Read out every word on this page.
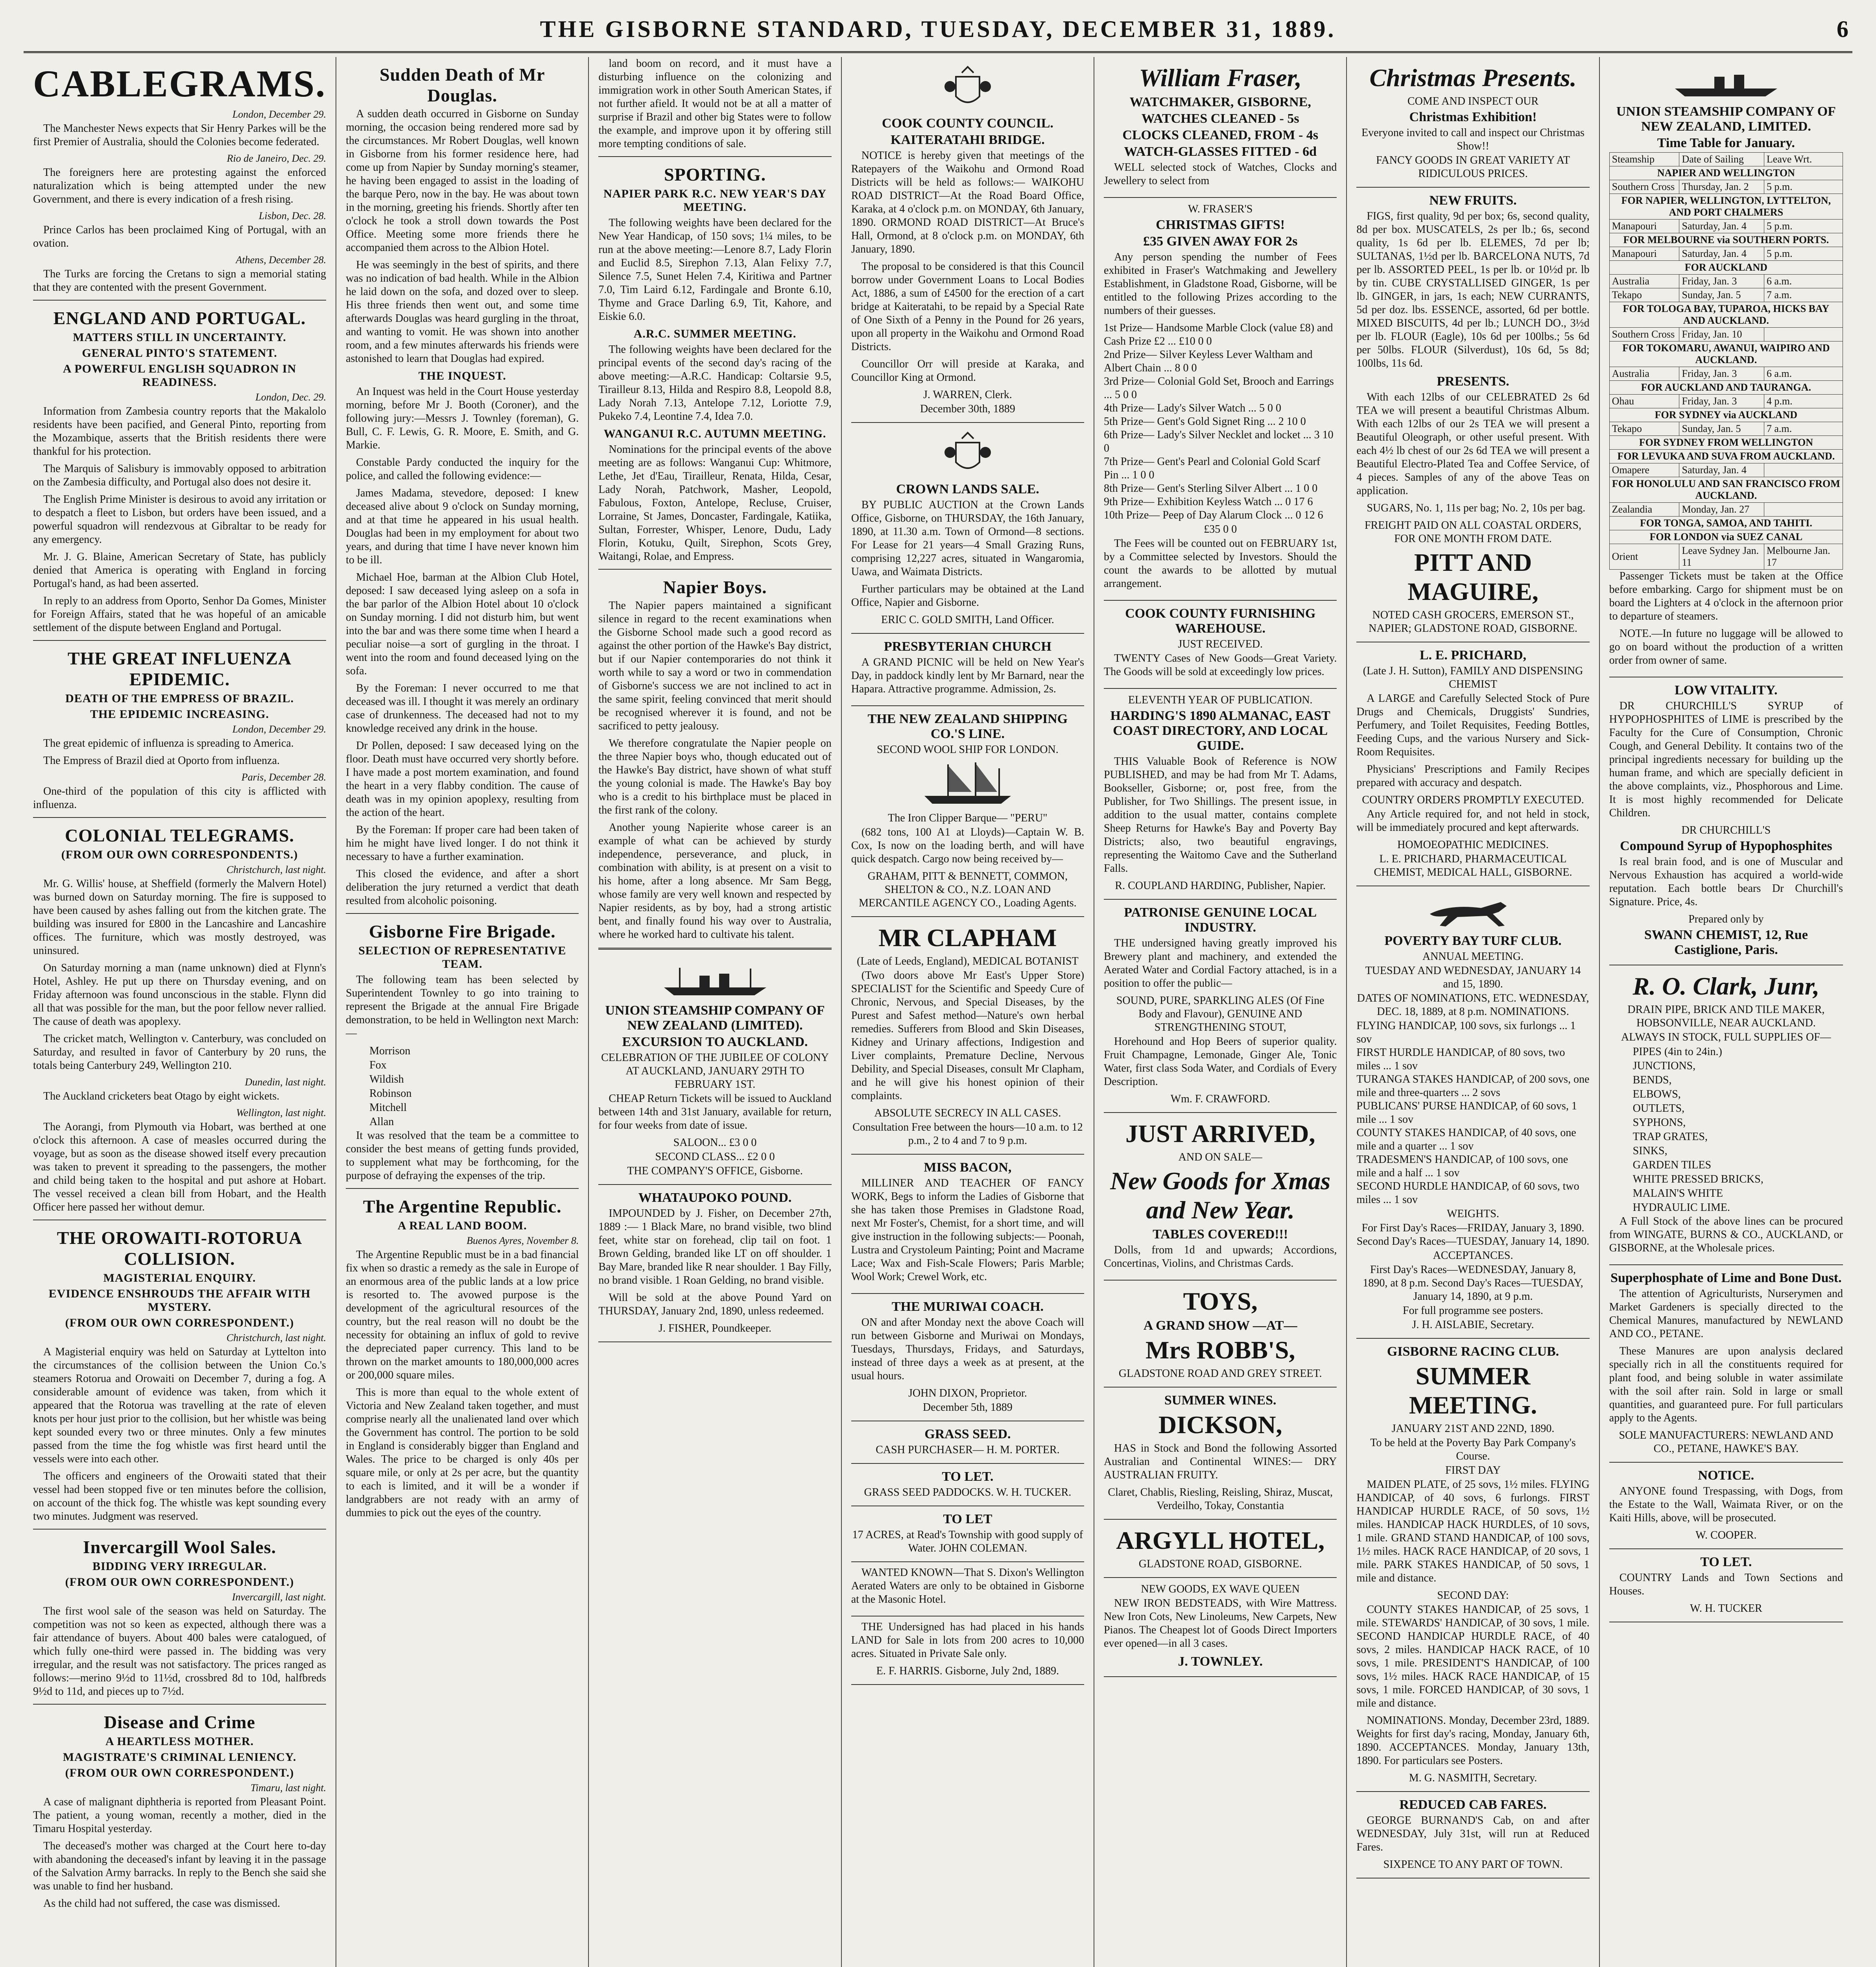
THE GISBORNE STANDARD, TUESDAY, DECEMBER 31, 1889.	6
CABLEGRAMS.
London, December 29.

The Manchester News expects that Sir Henry Parkes will be the first Premier of Australia, should the Colonies become federated.

Rio de Janeiro, Dec. 29.

The foreigners here are protesting against the enforced naturalization which is being attempted under the new Government, and there is every indication of a fresh rising.

Lisbon, Dec. 28.

Prince Carlos has been proclaimed King of Portugal, with an ovation.

Athens, December 28.

The Turks are forcing the Cretans to sign a memorial stating that they are contented with the present Government.

ENGLAND AND PORTUGAL.
MATTERS STILL IN UNCERTAINTY.
GENERAL PINTO'S STATEMENT.
A POWERFUL ENGLISH SQUADRON IN READINESS.
London, Dec. 29.

Information from Zambesia country reports that the Makalolo residents have been pacified, and General Pinto, reporting from the Mozambique, asserts that the British residents there were thankful for his protection.

The Marquis of Salisbury is immovably opposed to arbitration on the Zambesia difficulty, and Portugal also does not desire it.

The English Prime Minister is desirous to avoid any irritation or to despatch a fleet to Lisbon, but orders have been issued, and a powerful squadron will rendezvous at Gibraltar to be ready for any emergency.

Mr. J. G. Blaine, American Secretary of State, has publicly denied that America is operating with England in forcing Portugal's hand, as had been asserted.

In reply to an address from Oporto, Senhor Da Gomes, Minister for Foreign Affairs, stated that he was hopeful of an amicable settlement of the dispute between England and Portugal.

THE GREAT INFLUENZA EPIDEMIC.
DEATH OF THE EMPRESS OF BRAZIL.
THE EPIDEMIC INCREASING.
London, December 29.

The great epidemic of influenza is spreading to America.

The Empress of Brazil died at Oporto from influenza.

Paris, December 28.

One-third of the population of this city is afflicted with influenza.

COLONIAL TELEGRAMS.
(FROM OUR OWN CORRESPONDENTS.)
Christchurch, last night.

Mr. G. Willis' house, at Sheffield (formerly the Malvern Hotel) was burned down on Saturday morning. The fire is supposed to have been caused by ashes falling out from the kitchen grate. The building was insured for £800 in the Lancashire and Lancashire offices. The furniture, which was mostly destroyed, was uninsured.

On Saturday morning a man (name unknown) died at Flynn's Hotel, Ashley. He put up there on Thursday evening, and on Friday afternoon was found unconscious in the stable. Flynn did all that was possible for the man, but the poor fellow never rallied. The cause of death was apoplexy.

The cricket match, Wellington v. Canterbury, was concluded on Saturday, and resulted in favor of Canterbury by 20 runs, the totals being Canterbury 249, Wellington 210.

Dunedin, last night.

The Auckland cricketers beat Otago by eight wickets.

Wellington, last night.

The Aorangi, from Plymouth via Hobart, was berthed at one o'clock this afternoon. A case of measles occurred during the voyage, but as soon as the disease showed itself every precaution was taken to prevent it spreading to the passengers, the mother and child being taken to the hospital and put ashore at Hobart. The vessel received a clean bill from Hobart, and the Health Officer here passed her without demur.

THE OROWAITI-ROTORUA COLLISION.
MAGISTERIAL ENQUIRY.
EVIDENCE ENSHROUDS THE AFFAIR WITH MYSTERY.
(FROM OUR OWN CORRESPONDENT.)
Christchurch, last night.

A Magisterial enquiry was held on Saturday at Lyttelton into the circumstances of the collision between the Union Co.'s steamers Rotorua and Orowaiti on December 7, during a fog. A considerable amount of evidence was taken, from which it appeared that the Rotorua was travelling at the rate of eleven knots per hour just prior to the collision, but her whistle was being kept sounded every two or three minutes. Only a few minutes passed from the time the fog whistle was first heard until the vessels were into each other.

The officers and engineers of the Orowaiti stated that their vessel had been stopped five or ten minutes before the collision, on account of the thick fog. The whistle was kept sounding every two minutes. Judgment was reserved.

Invercargill Wool Sales.
BIDDING VERY IRREGULAR.
(FROM OUR OWN CORRESPONDENT.)
Invercargill, last night.

The first wool sale of the season was held on Saturday. The competition was not so keen as expected, although there was a fair attendance of buyers. About 400 bales were catalogued, of which fully one-third were passed in. The bidding was very irregular, and the result was not satisfactory. The prices ranged as follows:—merino 9½d to 11½d, crossbred 8d to 10d, halfbreds 9½d to 11d, and pieces up to 7½d.

Disease and Crime
A HEARTLESS MOTHER.
MAGISTRATE'S CRIMINAL LENIENCY.
(FROM OUR OWN CORRESPONDENT.)
Timaru, last night.

A case of malignant diphtheria is reported from Pleasant Point. The patient, a young woman, recently a mother, died in the Timaru Hospital yesterday.

The deceased's mother was charged at the Court here to-day with abandoning the deceased's infant by leaving it in the passage of the Salvation Army barracks. In reply to the Bench she said she was unable to find her husband.

As the child had not suffered, the case was dismissed.

Sudden Death of Mr Douglas.

A sudden death occurred in Gisborne on Sunday morning, the occasion being rendered more sad by the circumstances. Mr Robert Douglas, well known in Gisborne from his former residence here, had come up from Napier by Sunday morning's steamer, he having been engaged to assist in the loading of the barque Pero, now in the bay. He was about town in the morning, greeting his friends. Shortly after ten o'clock he took a stroll down towards the Post Office. Meeting some more friends there he accompanied them across to the Albion Hotel.

He was seemingly in the best of spirits, and there was no indication of bad health. While in the Albion he laid down on the sofa, and dozed over to sleep. His three friends then went out, and some time afterwards Douglas was heard gurgling in the throat, and wanting to vomit. He was shown into another room, and a few minutes afterwards his friends were astonished to learn that Douglas had expired.

THE INQUEST.

An Inquest was held in the Court House yesterday morning, before Mr J. Booth (Coroner), and the following jury:—Messrs J. Townley (foreman), G. Bull, C. F. Lewis, G. R. Moore, E. Smith, and G. Markie.

Constable Pardy conducted the inquiry for the police, and called the following evidence:—

James Madama, stevedore, deposed: I knew deceased alive about 9 o'clock on Sunday morning, and at that time he appeared in his usual health. Douglas had been in my employment for about two years, and during that time I have never known him to be ill.

Michael Hoe, barman at the Albion Club Hotel, deposed: I saw deceased lying asleep on a sofa in the bar parlor of the Albion Hotel about 10 o'clock on Sunday morning. I did not disturb him, but went into the bar and was there some time when I heard a peculiar noise—a sort of gurgling in the throat. I went into the room and found deceased lying on the sofa.

By the Foreman: I never occurred to me that deceased was ill. I thought it was merely an ordinary case of drunkenness. The deceased had not to my knowledge received any drink in the house.

Dr Pollen, deposed: I saw deceased lying on the floor. Death must have occurred very shortly before. I have made a post mortem examination, and found the heart in a very flabby condition. The cause of death was in my opinion apoplexy, resulting from the action of the heart.

By the Foreman: If proper care had been taken of him he might have lived longer. I do not think it necessary to have a further examination.

This closed the evidence, and after a short deliberation the jury returned a verdict that death resulted from alcoholic poisoning.

Gisborne Fire Brigade.
SELECTION OF REPRESENTATIVE TEAM.

The following team has been selected by Superintendent Townley to go into training to represent the Brigade at the annual Fire Brigade demonstration, to be held in Wellington next March:—

Morrison
Fox
Wildish
Robinson
Mitchell
Allan

It was resolved that the team be a committee to consider the best means of getting funds provided, to supplement what may be forthcoming, for the purpose of defraying the expenses of the trip.

The Argentine Republic.
A REAL LAND BOOM.
Buenos Ayres, November 8.

The Argentine Republic must be in a bad financial fix when so drastic a remedy as the sale in Europe of an enormous area of the public lands at a low price is resorted to. The avowed purpose is the development of the agricultural resources of the country, but the real reason will no doubt be the necessity for obtaining an influx of gold to revive the depreciated paper currency. This land to be thrown on the market amounts to 180,000,000 acres or 200,000 square miles.

This is more than equal to the whole extent of Victoria and New Zealand taken together, and must comprise nearly all the unalienated land over which the Government has control. The portion to be sold in England is considerably bigger than England and Wales. The price to be charged is only 40s per square mile, or only at 2s per acre, but the quantity to each is limited, and it will be a wonder if landgrabbers are not ready with an army of dummies to pick out the eyes of the country.

land boom on record, and it must have a disturbing influence on the colonizing and immigration work in other South American States, if not further afield. It would not be at all a matter of surprise if Brazil and other big States were to follow the example, and improve upon it by offering still more tempting conditions of sale.

SPORTING.
NAPIER PARK R.C. NEW YEAR'S DAY MEETING.

The following weights have been declared for the New Year Handicap, of 150 sovs; 1¼ miles, to be run at the above meeting:—Lenore 8.7, Lady Florin and Euclid 8.5, Sirephon 7.13, Alan Felixy 7.7, Silence 7.5, Sunet Helen 7.4, Kiritiwa and Partner 7.0, Tim Laird 6.12, Fardingale and Bronte 6.10, Thyme and Grace Darling 6.9, Tit, Kahore, and Eiskie 6.0.

A.R.C. SUMMER MEETING.

The following weights have been declared for the principal events of the second day's racing of the above meeting:—A.R.C. Handicap: Coltarsie 9.5, Tirailleur 8.13, Hilda and Respiro 8.8, Leopold 8.8, Lady Norah 7.13, Antelope 7.12, Loriotte 7.9, Pukeko 7.4, Leontine 7.4, Idea 7.0.

WANGANUI R.C. AUTUMN MEETING.

Nominations for the principal events of the above meeting are as follows: Wanganui Cup: Whitmore, Lethe, Jet d'Eau, Tirailleur, Renata, Hilda, Cesar, Lady Norah, Patchwork, Masher, Leopold, Fabulous, Foxton, Antelope, Recluse, Cruiser, Lorraine, St James, Doncaster, Fardingale, Katiika, Sultan, Forrester, Whisper, Lenore, Dudu, Lady Florin, Kotuku, Quilt, Sirephon, Scots Grey, Waitangi, Rolae, and Empress.

Napier Boys.

The Napier papers maintained a significant silence in regard to the recent examinations when the Gisborne School made such a good record as against the other portion of the Hawke's Bay district, but if our Napier contemporaries do not think it worth while to say a word or two in commendation of Gisborne's success we are not inclined to act in the same spirit, feeling convinced that merit should be recognised wherever it is found, and not be sacrificed to petty jealousy.

We therefore congratulate the Napier people on the three Napier boys who, though educated out of the Hawke's Bay district, have shown of what stuff the young colonial is made. The Hawke's Bay boy who is a credit to his birthplace must be placed in the first rank of the colony.

Another young Napierite whose career is an example of what can be achieved by sturdy independence, perseverance, and pluck, in combination with ability, is at present on a visit to his home, after a long absence. Mr Sam Begg, whose family are very well known and respected by Napier residents, as by boy, had a strong artistic bent, and finally found his way over to Australia, where he worked hard to cultivate his talent.

UNION STEAMSHIP COMPANY OF NEW ZEALAND (LIMITED).
EXCURSION TO AUCKLAND.
CELEBRATION OF THE JUBILEE OF COLONY AT AUCKLAND, JANUARY 29TH TO FEBRUARY 1ST.

CHEAP Return Tickets will be issued to Auckland between 14th and 31st January, available for return, for four weeks from date of issue.

SALOON... £3 0 0
SECOND CLASS... £2 0 0
THE COMPANY'S OFFICE, Gisborne.
WHATAUPOKO POUND.

IMPOUNDED by J. Fisher, on December 27th, 1889 :— 1 Black Mare, no brand visible, two blind feet, white star on forehead, clip tail on foot. 1 Brown Gelding, branded like LT on off shoulder. 1 Bay Mare, branded like R near shoulder. 1 Bay Filly, no brand visible. 1 Roan Gelding, no brand visible.

Will be sold at the above Pound Yard on THURSDAY, January 2nd, 1890, unless redeemed.

J. FISHER, Poundkeeper.
COOK COUNTY COUNCIL.
KAITERATAHI BRIDGE.

NOTICE is hereby given that meetings of the Ratepayers of the Waikohu and Ormond Road Districts will be held as follows:— WAIKOHU ROAD DISTRICT—At the Road Board Office, Karaka, at 4 o'clock p.m. on MONDAY, 6th January, 1890. ORMOND ROAD DISTRICT—At Bruce's Hall, Ormond, at 8 o'clock p.m. on MONDAY, 6th January, 1890.

The proposal to be considered is that this Council borrow under Government Loans to Local Bodies Act, 1886, a sum of £4500 for the erection of a cart bridge at Kaiteratahi, to be repaid by a Special Rate of One Sixth of a Penny in the Pound for 26 years, upon all property in the Waikohu and Ormond Road Districts.

Councillor Orr will preside at Karaka, and Councillor King at Ormond.

J. WARREN, Clerk.
December 30th, 1889
CROWN LANDS SALE.

BY PUBLIC AUCTION at the Crown Lands Office, Gisborne, on THURSDAY, the 16th January, 1890, at 11.30 a.m. Town of Ormond—8 sections. For Lease for 21 years—4 Small Grazing Runs, comprising 12,227 acres, situated in Wangaromia, Uawa, and Waimata Districts.

Further particulars may be obtained at the Land Office, Napier and Gisborne.

ERIC C. GOLD SMITH, Land Officer.
PRESBYTERIAN CHURCH

A GRAND PICNIC will be held on New Year's Day, in paddock kindly lent by Mr Barnard, near the Hapara. Attractive programme. Admission, 2s.

THE NEW ZEALAND SHIPPING CO.'S LINE.
SECOND WOOL SHIP FOR LONDON.
The Iron Clipper Barque— "PERU"

(682 tons, 100 A1 at Lloyds)—Captain W. B. Cox, Is now on the loading berth, and will have quick despatch. Cargo now being received by—

GRAHAM, PITT & BENNETT, COMMON, SHELTON & CO., N.Z. LOAN AND MERCANTILE AGENCY CO., Loading Agents.
MR CLAPHAM
(Late of Leeds, England), MEDICAL BOTANIST

(Two doors above Mr East's Upper Store) SPECIALIST for the Scientific and Speedy Cure of Chronic, Nervous, and Special Diseases, by the Purest and Safest method—Nature's own herbal remedies. Sufferers from Blood and Skin Diseases, Kidney and Urinary affections, Indigestion and Liver complaints, Premature Decline, Nervous Debility, and Special Diseases, consult Mr Clapham, and he will give his honest opinion of their complaints.

ABSOLUTE SECRECY IN ALL CASES.
Consultation Free between the hours—10 a.m. to 12 p.m., 2 to 4 and 7 to 9 p.m.
MISS BACON,

MILLINER AND TEACHER OF FANCY WORK, Begs to inform the Ladies of Gisborne that she has taken those Premises in Gladstone Road, next Mr Foster's, Chemist, for a short time, and will give instruction in the following subjects:— Poonah, Lustra and Crystoleum Painting; Point and Macrame Lace; Wax and Fish-Scale Flowers; Paris Marble; Wool Work; Crewel Work, etc.

THE MURIWAI COACH.

ON and after Monday next the above Coach will run between Gisborne and Muriwai on Mondays, Tuesdays, Thursdays, Fridays, and Saturdays, instead of three days a week as at present, at the usual hours.

JOHN DIXON, Proprietor.
December 5th, 1889
GRASS SEED.
CASH PURCHASER— H. M. PORTER.
TO LET.
GRASS SEED PADDOCKS. W. H. TUCKER.
TO LET
17 ACRES, at Read's Township with good supply of Water. JOHN COLEMAN.

WANTED KNOWN—That S. Dixon's Wellington Aerated Waters are only to be obtained in Gisborne at the Masonic Hotel.

THE Undersigned has had placed in his hands LAND for Sale in lots from 200 acres to 10,000 acres. Situated in Private Sale only.

E. F. HARRIS. Gisborne, July 2nd, 1889.
William Fraser,
WATCHMAKER, GISBORNE,
WATCHES CLEANED - 5s
CLOCKS CLEANED, FROM - 4s
WATCH-GLASSES FITTED - 6d

WELL selected stock of Watches, Clocks and Jewellery to select from

W. FRASER'S
CHRISTMAS GIFTS!
£35 GIVEN AWAY FOR 2s

Any person spending the number of Fees exhibited in Fraser's Watchmaking and Jewellery Establishment, in Gladstone Road, Gisborne, will be entitled to the following Prizes according to the numbers of their guesses.

1st Prize— Handsome Marble Clock (value £8) and Cash Prize £2 ... £10 0 0
2nd Prize— Silver Keyless Lever Waltham and Albert Chain ... 8 0 0
3rd Prize— Colonial Gold Set, Brooch and Earrings ... 5 0 0
4th Prize— Lady's Silver Watch ... 5 0 0
5th Prize— Gent's Gold Signet Ring ... 2 10 0
6th Prize— Lady's Silver Necklet and locket ... 3 10 0
7th Prize— Gent's Pearl and Colonial Gold Scarf Pin ... 1 0 0
8th Prize— Gent's Sterling Silver Albert ... 1 0 0
9th Prize— Exhibition Keyless Watch ... 0 17 6
10th Prize— Peep of Day Alarum Clock ... 0 12 6
£35 0 0

The Fees will be counted out on FEBRUARY 1st, by a Committee selected by Investors. Should the count the awards to be allotted by mutual arrangement.

COOK COUNTY FURNISHING WAREHOUSE.
JUST RECEIVED.

TWENTY Cases of New Goods—Great Variety. The Goods will be sold at exceedingly low prices.

ELEVENTH YEAR OF PUBLICATION.
HARDING'S 1890 ALMANAC, EAST COAST DIRECTORY, AND LOCAL GUIDE.

THIS Valuable Book of Reference is NOW PUBLISHED, and may be had from Mr T. Adams, Bookseller, Gisborne; or, post free, from the Publisher, for Two Shillings. The present issue, in addition to the usual matter, contains complete Sheep Returns for Hawke's Bay and Poverty Bay Districts; also, two beautiful engravings, representing the Waitomo Cave and the Sutherland Falls.

R. COUPLAND HARDING, Publisher, Napier.
PATRONISE GENUINE LOCAL INDUSTRY.

THE undersigned having greatly improved his Brewery plant and machinery, and extended the Aerated Water and Cordial Factory attached, is in a position to offer the public—

SOUND, PURE, SPARKLING ALES (Of Fine Body and Flavour), GENUINE AND STRENGTHENING STOUT,

Horehound and Hop Beers of superior quality. Fruit Champagne, Lemonade, Ginger Ale, Tonic Water, first class Soda Water, and Cordials of Every Description.

Wm. F. CRAWFORD.
JUST ARRIVED,
AND ON SALE—
New Goods for Xmas and New Year.
TABLES COVERED!!!

Dolls, from 1d and upwards; Accordions, Concertinas, Violins, and Christmas Cards.

TOYS,
A GRAND SHOW —AT—
Mrs ROBB'S,
GLADSTONE ROAD AND GREY STREET.
SUMMER WINES.
DICKSON,

HAS in Stock and Bond the following Assorted Australian and Continental WINES:— DRY AUSTRALIAN FRUITY.

Claret, Chablis, Riesling, Reisling, Shiraz, Muscat, Verdeilho, Tokay, Constantia
ARGYLL HOTEL,
GLADSTONE ROAD, GISBORNE.
NEW GOODS, EX WAVE QUEEN

NEW IRON BEDSTEADS, with Wire Mattress. New Iron Cots, New Linoleums, New Carpets, New Pianos. The Cheapest lot of Goods Direct Importers ever opened—in all 3 cases.

J. TOWNLEY.
Christmas Presents.
COME AND INSPECT OUR
Christmas Exhibition!
Everyone invited to call and inspect our Christmas Show!!
FANCY GOODS IN GREAT VARIETY AT RIDICULOUS PRICES.
NEW FRUITS.

FIGS, first quality, 9d per box; 6s, second quality, 8d per box. MUSCATELS, 2s per lb.; 6s, second quality, 1s 6d per lb. ELEMES, 7d per lb; SULTANAS, 1½d per lb. BARCELONA NUTS, 7d per lb. ASSORTED PEEL, 1s per lb. or 10½d pr. lb by tin. CUBE CRYSTALLISED GINGER, 1s per lb. GINGER, in jars, 1s each; NEW CURRANTS, 5d per doz. lbs. ESSENCE, assorted, 6d per bottle. MIXED BISCUITS, 4d per lb.; LUNCH DO., 3½d per lb. FLOUR (Eagle), 10s 6d per 100lbs.; 5s 6d per 50lbs. FLOUR (Silverdust), 10s 6d, 5s 8d; 100lbs, 11s 6d.

PRESENTS.

With each 12lbs of our CELEBRATED 2s 6d TEA we will present a beautiful Christmas Album. With each 12lbs of our 2s TEA we will present a Beautiful Oleograph, or other useful present. With each 4½ lb chest of our 2s 6d TEA we will present a Beautiful Electro-Plated Tea and Coffee Service, of 4 pieces. Samples of any of the above Teas on application.

SUGARS, No. 1, 11s per bag; No. 2, 10s per bag.

FREIGHT PAID ON ALL COASTAL ORDERS, FOR ONE MONTH FROM DATE.
PITT AND MAGUIRE,
NOTED CASH GROCERS, EMERSON ST., NAPIER; GLADSTONE ROAD, GISBORNE.
L. E. PRICHARD,
(Late J. H. Sutton), FAMILY AND DISPENSING CHEMIST

A LARGE and Carefully Selected Stock of Pure Drugs and Chemicals, Druggists' Sundries, Perfumery, and Toilet Requisites, Feeding Bottles, Feeding Cups, and the various Nursery and Sick-Room Requisites.

Physicians' Prescriptions and Family Recipes prepared with accuracy and despatch.

COUNTRY ORDERS PROMPTLY EXECUTED.

Any Article required for, and not held in stock, will be immediately procured and kept afterwards.

HOMOEOPATHIC MEDICINES.
L. E. PRICHARD, PHARMACEUTICAL CHEMIST, MEDICAL HALL, GISBORNE.
POVERTY BAY TURF CLUB.
ANNUAL MEETING.
TUESDAY AND WEDNESDAY, JANUARY 14 and 15, 1890.
DATES OF NOMINATIONS, ETC. WEDNESDAY, DEC. 18, 1889, at 8 p.m. NOMINATIONS.
FLYING HANDICAP, 100 sovs, six furlongs ... 1 sov
FIRST HURDLE HANDICAP, of 80 sovs, two miles ... 1 sov
TURANGA STAKES HANDICAP, of 200 sovs, one mile and three-quarters ... 2 sovs
PUBLICANS' PURSE HANDICAP, of 60 sovs, 1 mile ... 1 sov
COUNTY STAKES HANDICAP, of 40 sovs, one mile and a quarter ... 1 sov
TRADESMEN'S HANDICAP, of 100 sovs, one mile and a half ... 1 sov
SECOND HURDLE HANDICAP, of 60 sovs, two miles ... 1 sov
WEIGHTS.
For First Day's Races—FRIDAY, January 3, 1890. Second Day's Races—TUESDAY, January 14, 1890.
ACCEPTANCES.
First Day's Races—WEDNESDAY, January 8, 1890, at 8 p.m. Second Day's Races—TUESDAY, January 14, 1890, at 9 p.m.
For full programme see posters.
J. H. AISLABIE, Secretary.
GISBORNE RACING CLUB.
SUMMER MEETING.
JANUARY 21ST AND 22ND, 1890.
To be held at the Poverty Bay Park Company's Course.
FIRST DAY

MAIDEN PLATE, of 25 sovs, 1½ miles. FLYING HANDICAP, of 40 sovs, 6 furlongs. FIRST HANDICAP HURDLE RACE, of 50 sovs, 1½ miles. HANDICAP HACK HURDLES, of 10 sovs, 1 mile. GRAND STAND HANDICAP, of 100 sovs, 1½ miles. HACK RACE HANDICAP, of 20 sovs, 1 mile. PARK STAKES HANDICAP, of 50 sovs, 1 mile and distance.

SECOND DAY:

COUNTY STAKES HANDICAP, of 25 sovs, 1 mile. STEWARDS' HANDICAP, of 30 sovs, 1 mile. SECOND HANDICAP HURDLE RACE, of 40 sovs, 2 miles. HANDICAP HACK RACE, of 10 sovs, 1 mile. PRESIDENT'S HANDICAP, of 100 sovs, 1½ miles. HACK RACE HANDICAP, of 15 sovs, 1 mile. FORCED HANDICAP, of 30 sovs, 1 mile and distance.

NOMINATIONS. Monday, December 23rd, 1889. Weights for first day's racing, Monday, January 6th, 1890. ACCEPTANCES. Monday, January 13th, 1890. For particulars see Posters.

M. G. NASMITH, Secretary.
REDUCED CAB FARES.

GEORGE BURNAND'S Cab, on and after WEDNESDAY, July 31st, will run at Reduced Fares.

SIXPENCE TO ANY PART OF TOWN.
UNION STEAMSHIP COMPANY OF NEW ZEALAND, LIMITED.
Time Table for January.
Steamship	Date of Sailing	Leave Wrt.
NAPIER AND WELLINGTON		
Southern Cross	Thursday, Jan. 2	5 p.m.
FOR NAPIER, WELLINGTON, LYTTELTON, AND PORT CHALMERS		
Manapouri	Saturday, Jan. 4	5 p.m.
FOR MELBOURNE via SOUTHERN PORTS.		
Manapouri	Saturday, Jan. 4	5 p.m.
FOR AUCKLAND		
Australia	Friday, Jan. 3	6 a.m.
Tekapo	Sunday, Jan. 5	7 a.m.
FOR TOLOGA BAY, TUPAROA, HICKS BAY AND AUCKLAND.		
Southern Cross	Friday, Jan. 10	
FOR TOKOMARU, AWANUI, WAIPIRO AND AUCKLAND.		
Australia	Friday, Jan. 3	6 a.m.
FOR AUCKLAND AND TAURANGA.		
Ohau	Friday, Jan. 3	4 p.m.
FOR SYDNEY via AUCKLAND		
Tekapo	Sunday, Jan. 5	7 a.m.
FOR SYDNEY FROM WELLINGTON		
FOR LEVUKA AND SUVA FROM AUCKLAND.		
Omapere	Saturday, Jan. 4	
FOR HONOLULU AND SAN FRANCISCO FROM AUCKLAND.		
Zealandia	Monday, Jan. 27	
FOR TONGA, SAMOA, AND TAHITI.		
FOR LONDON via SUEZ CANAL		
Orient	Leave Sydney Jan. 11	Melbourne Jan. 17

Passenger Tickets must be taken at the Office before embarking. Cargo for shipment must be on board the Lighters at 4 o'clock in the afternoon prior to departure of steamers.

NOTE.—In future no luggage will be allowed to go on board without the production of a written order from owner of same.

LOW VITALITY.

DR CHURCHILL'S SYRUP of HYPOPHOSPHITES of LIME is prescribed by the Faculty for the Cure of Consumption, Chronic Cough, and General Debility. It contains two of the principal ingredients necessary for building up the human frame, and which are specially deficient in the above complaints, viz., Phosphorous and Lime. It is most highly recommended for Delicate Children.

DR CHURCHILL'S
Compound Syrup of Hypophosphites

Is real brain food, and is one of Muscular and Nervous Exhaustion has acquired a world-wide reputation. Each bottle bears Dr Churchill's Signature. Price, 4s.

Prepared only by
SWANN CHEMIST, 12, Rue Castiglione, Paris.
R. O. Clark, Junr,
DRAIN PIPE, BRICK AND TILE MAKER, HOBSONVILLE, NEAR AUCKLAND.
ALWAYS IN STOCK, FULL SUPPLIES OF—
PIPES (4in to 24in.)
JUNCTIONS,
BENDS,
ELBOWS,
OUTLETS,
SYPHONS,
TRAP GRATES,
SINKS,
GARDEN TILES
WHITE PRESSED BRICKS,
MALAIN'S WHITE
HYDRAULIC LIME.

A Full Stock of the above lines can be procured from WINGATE, BURNS & CO., AUCKLAND, or GISBORNE, at the Wholesale prices.

Superphosphate of Lime and Bone Dust.

The attention of Agriculturists, Nurserymen and Market Gardeners is specially directed to the Chemical Manures, manufactured by NEWLAND AND CO., PETANE.

These Manures are upon analysis declared specially rich in all the constituents required for plant food, and being soluble in water assimilate with the soil after rain. Sold in large or small quantities, and guaranteed pure. For full particulars apply to the Agents.

SOLE MANUFACTURERS: NEWLAND AND CO., PETANE, HAWKE'S BAY.
NOTICE.

ANYONE found Trespassing, with Dogs, from the Estate to the Wall, Waimata River, or on the Kaiti Hills, above, will be prosecuted.

W. COOPER.
TO LET.

COUNTRY Lands and Town Sections and Houses.

W. H. TUCKER
